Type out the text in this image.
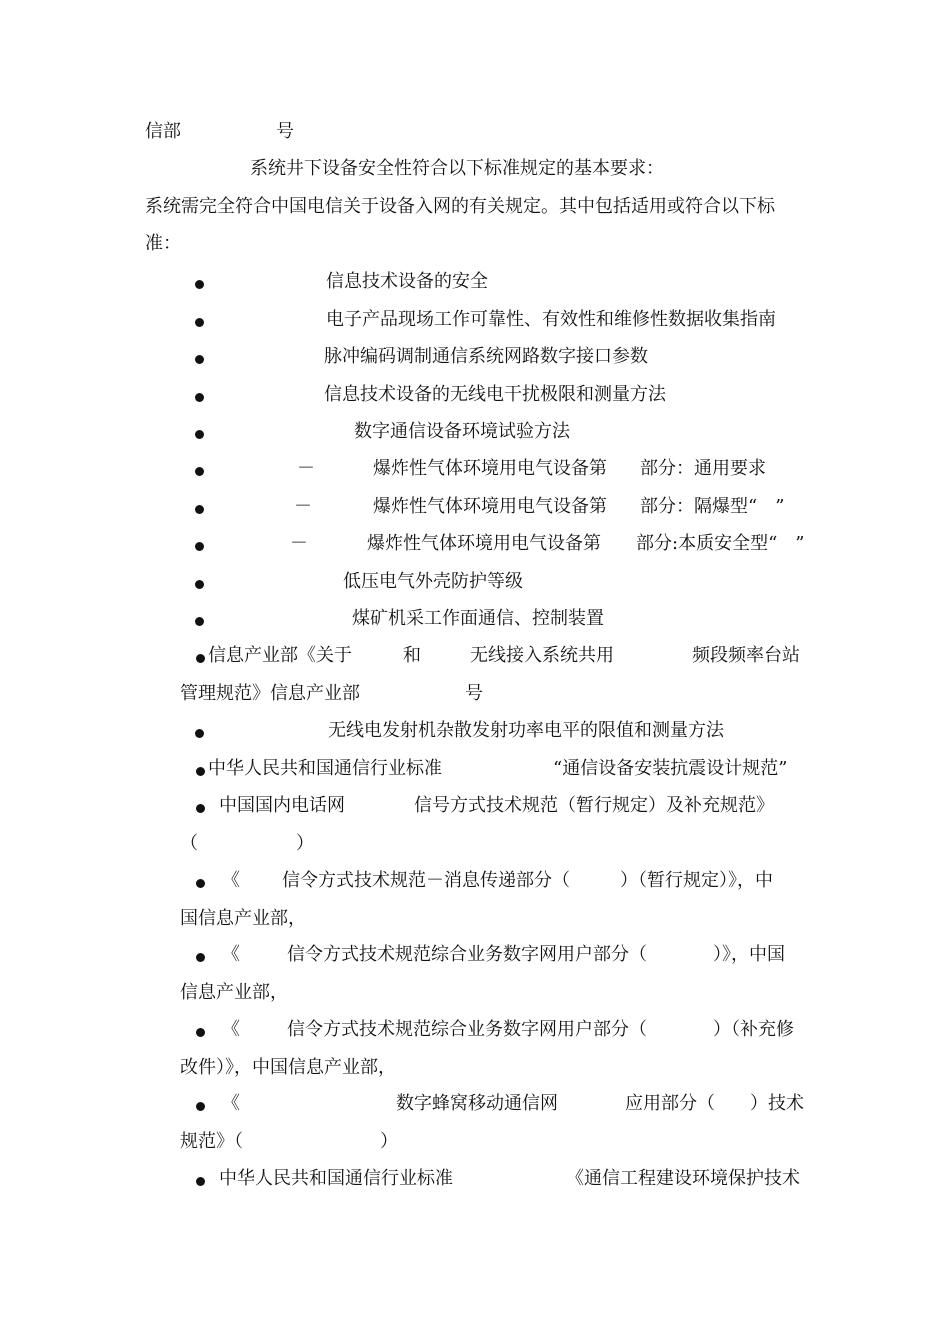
信部	号
系统井下设备安全性符合以下标准规定的基本要求：
系统需完全符合中国电信关于设备入网的有关规定。其中包括适用或符合以下标
准：
信息技术设备的安全
电子产品现场工作可靠性、有效性和维修性数据收集指南
脉冲编码调制通信系统网路数字接口参数
信息技术设备的无线电干扰极限和测量方法
数字通信设备环境试验方法
－	爆炸性气体环境用电气设备第 部分：通用要求
－	爆炸性气体环境用电气设备第 部分：隔爆型“　”
－	爆炸性气体环境用电气设备第 部分:本质安全型“　”
低压电气外壳防护等级
煤矿机采工作面通信、控制装置
信息产业部《关于	和	无线接入系统共用	频段频率台站
管理规范》信息产业部	号
无线电发射机杂散发射功率电平的限值和测量方法
中华人民共和国通信行业标准	“通信设备安装抗震设计规范”
中国国内电话网	信号方式技术规范（暂行规定）及补充规范》
（	）
《 信令方式技术规范－消息传递部分（	）（暂行规定）》，中
国信息产业部，
《	信令方式技术规范综合业务数字网用户部分（	）》，中国
信息产业部，
《	信令方式技术规范综合业务数字网用户部分（	）（补充修
改件）》，中国信息产业部，
《	数字蜂窝移动通信网	应用部分（ ）技术
规范》（	）
中华人民共和国通信行业标准	《通信工程建设环境保护技术
